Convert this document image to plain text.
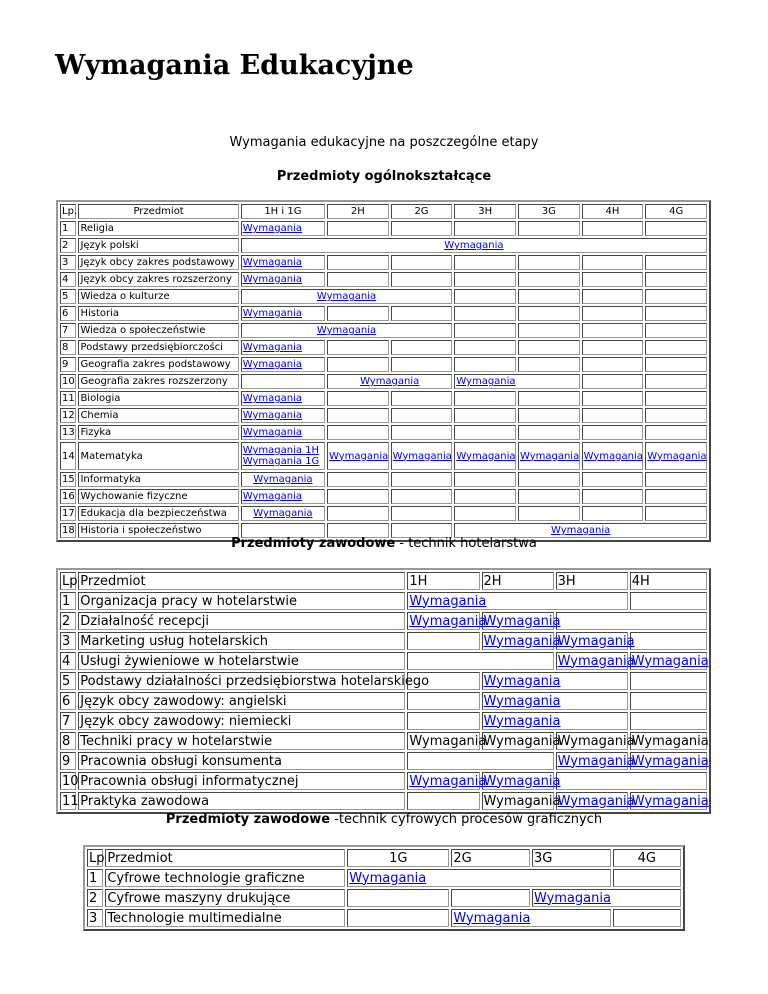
Wymagania Edukacyjne
Wymagania edukacyjne na poszczególne etapy
Przedmioty ogólnokształcące
Lp.	Przedmiot	1H i 1G	2H	2G	3H	3G	4H	4G
1	Religia	Wymagania						
2	Język polski	Wymagania						
3	Język obcy zakres podstawowy	Wymagania						
4	Język obcy zakres rozszerzony	Wymagania						
5	Wiedza o kulturze	Wymagania						
6	Historia	Wymagania						
7	Wiedza o społeczeństwie	Wymagania						
8	Podstawy przedsiębiorczości	Wymagania						
9	Geografia zakres podstawowy	Wymagania						
10	Geografia zakres rozszerzony		Wymagania		Wymagania			
11	Biologia	Wymagania						
12	Chemia	Wymagania						
13	Fizyka	Wymagania						
14	Matematyka	Wymagania 1H
Wymagania 1G	Wymagania	Wymagania	Wymagania	Wymagania	Wymagania	Wymagania
15	Informatyka	Wymagania						
16	Wychowanie fizyczne	Wymagania						
17	Edukacja dla bezpieczeństwa	Wymagania						
18	Historia i społeczeństwo				Wymagania			
Przedmioty zawodowe - technik hotelarstwa
Lp	Przedmiot	1H	2H	3H	4H
1	Organizacja pracy w hotelarstwie	Wymagania			
2	Działalność recepcji	Wymagania	Wymagania		
3	Marketing usług hotelarskich		Wymagania	Wymagania	
4	Usługi żywieniowe w hotelarstwie			Wymagania	Wymagania
5	Podstawy działalności przedsiębiorstwa hotelarskiego		Wymagania		
6	Język obcy zawodowy: angielski		Wymagania		
7	Język obcy zawodowy: niemiecki		Wymagania		
8	Techniki pracy w hotelarstwie	Wymagania	Wymagania	Wymagania	Wymagania
9	Pracownia obsługi konsumenta			Wymagania	Wymagania
10	Pracownia obsługi informatycznej	Wymagania	Wymagania		
11	Praktyka zawodowa		Wymagania	Wymagania	Wymagania
Przedmioty zawodowe -technik cyfrowych procesów graficznych
Lp	Przedmiot	1G	2G	3G	4G
1	Cyfrowe technologie graficzne	Wymagania			
2	Cyfrowe maszyny drukujące			Wymagania	
3	Technologie multimedialne		Wymagania		
